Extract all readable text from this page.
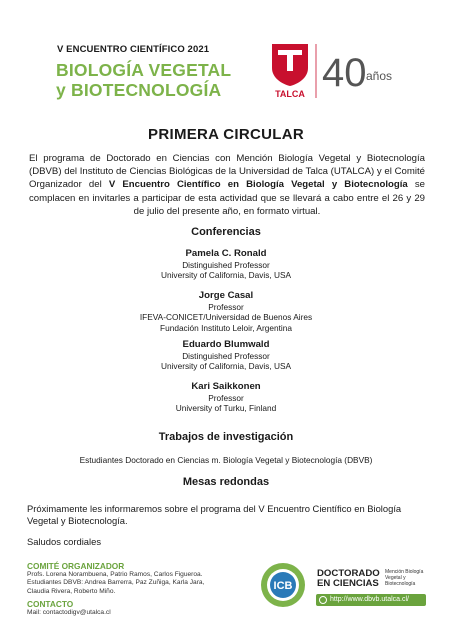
V ENCUENTRO CIENTÍFICO 2021
BIOLOGÍA VEGETAL
y BIOTECNOLOGÍA	TALCA 40 años
PRIMERA CIRCULAR

El programa de Doctorado en Ciencias con Mención Biología Vegetal y Biotecnología (DBVB) del Instituto de Ciencias Biológicas de la Universidad de Talca (UTALCA) y el Comité Organizador del V Encuentro Científico en Biología Vegetal y Biotecnología se complacen en invitarles a participar de esta actividad que se llevará a cabo entre el 26 y 29 de julio del presente año, en formato virtual.

Conferencias
Pamela C. Ronald
Distinguished Professor
University of California, Davis, USA
Jorge Casal
Professor
IFEVA-CONICET/Universidad de Buenos Aires
Fundación Instituto Leloir, Argentina
Eduardo Blumwald
Distinguished Professor
University of California, Davis, USA
Kari Saikkonen
Professor
University of Turku, Finland
Trabajos de investigación
Estudiantes Doctorado en Ciencias m. Biología Vegetal y Biotecnología (DBVB)
Mesas redondas

Próximamente les informaremos sobre el programa del V Encuentro Científico en Biología Vegetal y Biotecnología.

Saludos cordiales
COMITÉ ORGANIZADOR
Profs. Lorena Norambuena, Patrio Ramos, Carlos Figueroa.
Estudiantes DBVB: Andrea Barrerra, Paz Zuñiga, Karla Jara,
Claudia Rivera, Roberto Miño.
CONTACTO
Mail: contactodigv@utalca.cl
ICB
DOCTORADO
EN CIENCIAS
Mención Biología
Vegetal y
Biotecnología
http://www.dbvb.utalca.cl/
